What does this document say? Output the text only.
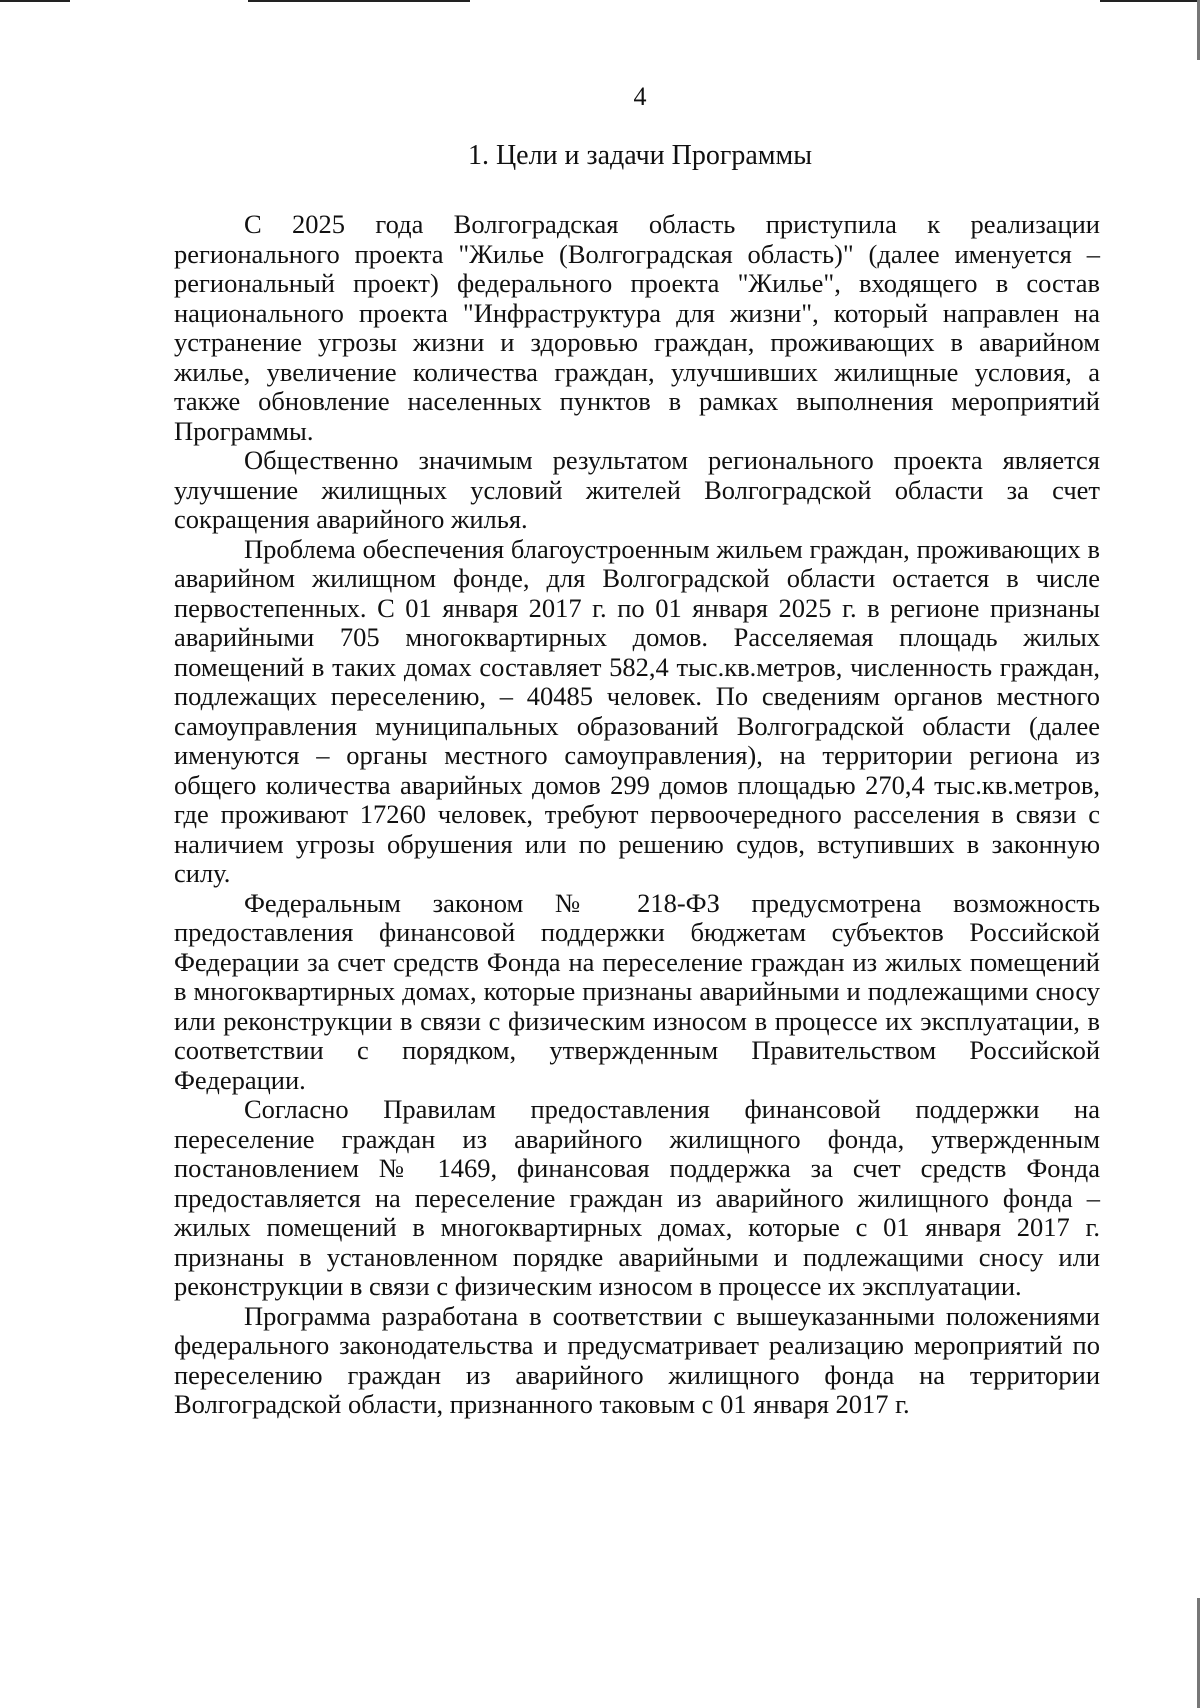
4
1. Цели и задачи Программы

С 2025 года Волгоградская область приступила к реализации регионального проекта "Жилье (Волгоградская область)" (далее именуется – региональный проект) федерального проекта "Жилье", входящего в состав национального проекта "Инфраструктура для жизни", который направлен на устранение угрозы жизни и здоровью граждан, проживающих в аварийном жилье, увеличение количества граждан, улучшивших жилищные условия, а также обновление населенных пунктов в рамках выполнения мероприятий Программы.

Общественно значимым результатом регионального проекта является улучшение жилищных условий жителей Волгоградской области за счет сокращения аварийного жилья.

Проблема обеспечения благоустроенным жильем граждан, проживающих в аварийном жилищном фонде, для Волгоградской области остается в числе первостепенных. С 01 января 2017 г. по 01 января 2025 г. в регионе признаны аварийными 705 многоквартирных домов. Расселяемая площадь жилых помещений в таких домах составляет 582,4 тыс.кв.метров, численность граждан, подлежащих переселению, – 40485 человек. По сведениям органов местного самоуправления муниципальных образований Волгоградской области (далее именуются – органы местного самоуправления), на территории региона из общего количества аварийных домов 299 домов площадью 270,4 тыс.кв.метров, где проживают 17260 человек, требуют первоочередного расселения в связи с наличием угрозы обрушения или по решению судов, вступивших в законную силу.

Федеральным законом № 218-ФЗ предусмотрена возможность предоставления финансовой поддержки бюджетам субъектов Российской Федерации за счет средств Фонда на переселение граждан из жилых помещений в многоквартирных домах, которые признаны аварийными и подлежащими сносу или реконструкции в связи с физическим износом в процессе их эксплуатации, в соответствии с порядком, утвержденным Правительством Российской Федерации.

Согласно Правилам предоставления финансовой поддержки на переселение граждан из аварийного жилищного фонда, утвержденным постановлением № 1469, финансовая поддержка за счет средств Фонда предоставляется на переселение граждан из аварийного жилищного фонда – жилых помещений в многоквартирных домах, которые с 01 января 2017 г. признаны в установленном порядке аварийными и подлежащими сносу или реконструкции в связи с физическим износом в процессе их эксплуатации.

Программа разработана в соответствии с вышеуказанными положениями федерального законодательства и предусматривает реализацию мероприятий по переселению граждан из аварийного жилищного фонда на территории Волгоградской области, признанного таковым с 01 января 2017 г.
